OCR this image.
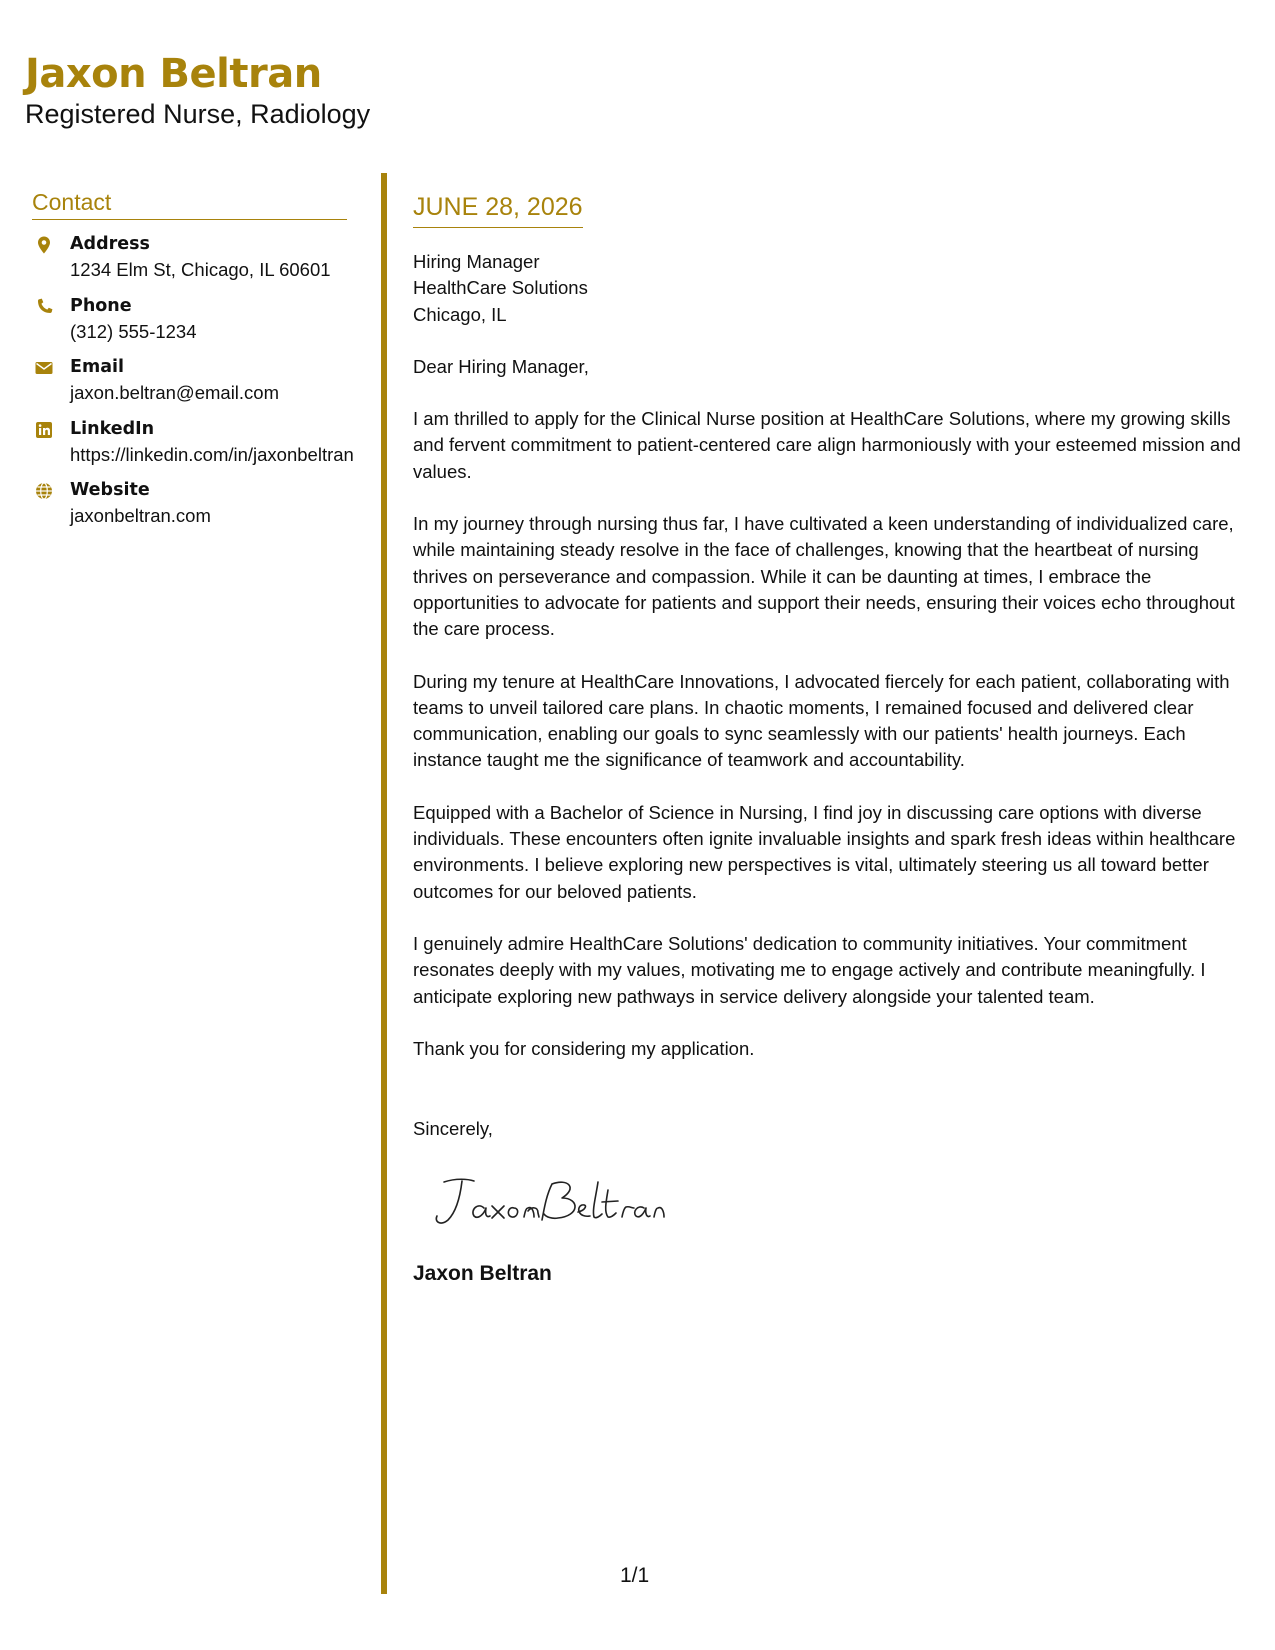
Jaxon Beltran
Registered Nurse, Radiology
Contact
Address
1234 Elm St, Chicago, IL 60601
Phone
(312) 555-1234
Email
jaxon.beltran@email.com
LinkedIn
https://linkedin.com/in/jaxonbeltran
Website
jaxonbeltran.com
JUNE 28, 2026

Hiring Manager
HealthCare Solutions
Chicago, IL

Dear Hiring Manager,

I am thrilled to apply for the Clinical Nurse position at HealthCare Solutions, where my growing skills and fervent commitment to patient-centered care align harmoniously with your esteemed mission and values.

In my journey through nursing thus far, I have cultivated a keen understanding of individualized care, while maintaining steady resolve in the face of challenges, knowing that the heartbeat of nursing thrives on perseverance and compassion. While it can be daunting at times, I embrace the opportunities to advocate for patients and support their needs, ensuring their voices echo throughout the care process.

During my tenure at HealthCare Innovations, I advocated fiercely for each patient, collaborating with teams to unveil tailored care plans. In chaotic moments, I remained focused and delivered clear communication, enabling our goals to sync seamlessly with our patients' health journeys. Each instance taught me the significance of teamwork and accountability.

Equipped with a Bachelor of Science in Nursing, I find joy in discussing care options with diverse individuals. These encounters often ignite invaluable insights and spark fresh ideas within healthcare environments. I believe exploring new perspectives is vital, ultimately steering us all toward better outcomes for our beloved patients.

I genuinely admire HealthCare Solutions' dedication to community initiatives. Your commitment resonates deeply with my values, motivating me to engage actively and contribute meaningfully. I anticipate exploring new pathways in service delivery alongside your talented team.

Thank you for considering my application.

Sincerely,

Jaxon Beltran

1/1
